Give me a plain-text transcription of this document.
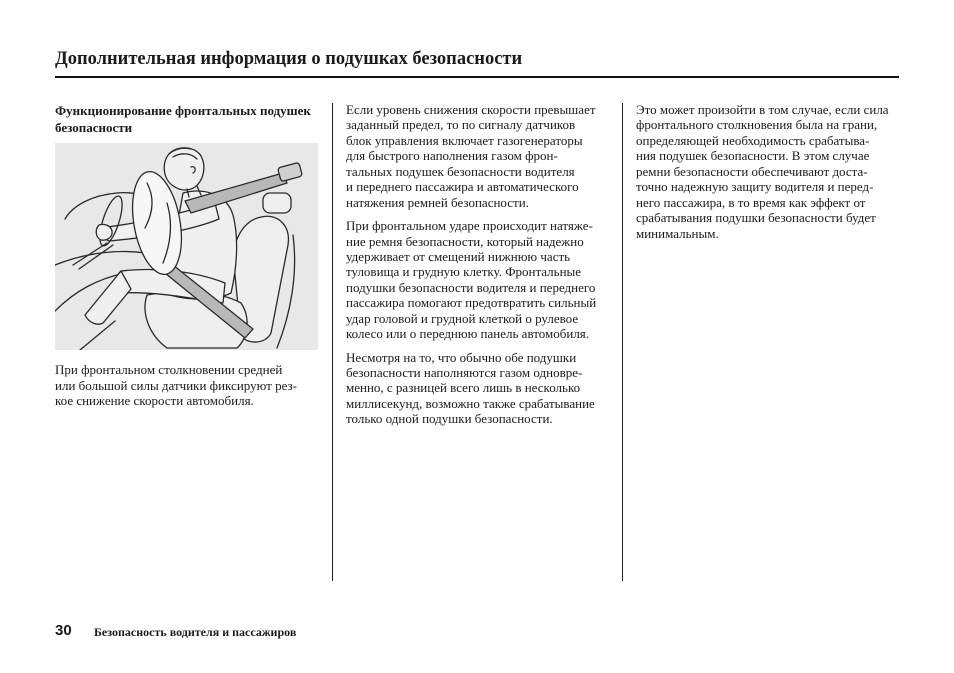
Дополнительная информация о подушках безопасности
Функционирование фронтальных подушек
безопасности
При фронтальном столкновении средней
или большой силы датчики фиксируют рез-
кое снижение скорости автомобиля.
Если уровень снижения скорости превышает
заданный предел, то по сигналу датчиков
блок управления включает газогенераторы
для быстрого наполнения газом фрон-
тальных подушек безопасности водителя
и переднего пассажира и автоматического
натяжения ремней безопасности.
При фронтальном ударе происходит натяже-
ние ремня безопасности, который надежно
удерживает от смещений нижнюю часть
туловища и грудную клетку. Фронтальные
подушки безопасности водителя и переднего
пассажира помогают предотвратить сильный
удар головой и грудной клеткой о рулевое
колесо или о переднюю панель автомобиля.
Несмотря на то, что обычно обе подушки
безопасности наполняются газом одновре-
менно, с разницей всего лишь в несколько
миллисекунд, возможно также срабатывание
только одной подушки безопасности.
Это может произойти в том случае, если сила
фронтального столкновения была на грани,
определяющей необходимость срабатыва-
ния подушек безопасности. В этом случае
ремни безопасности обеспечивают доста-
точно надежную защиту водителя и перед-
него пассажира, в то время как эффект от
срабатывания подушки безопасности будет
минимальным.
30 Безопасность водителя и пассажиров
